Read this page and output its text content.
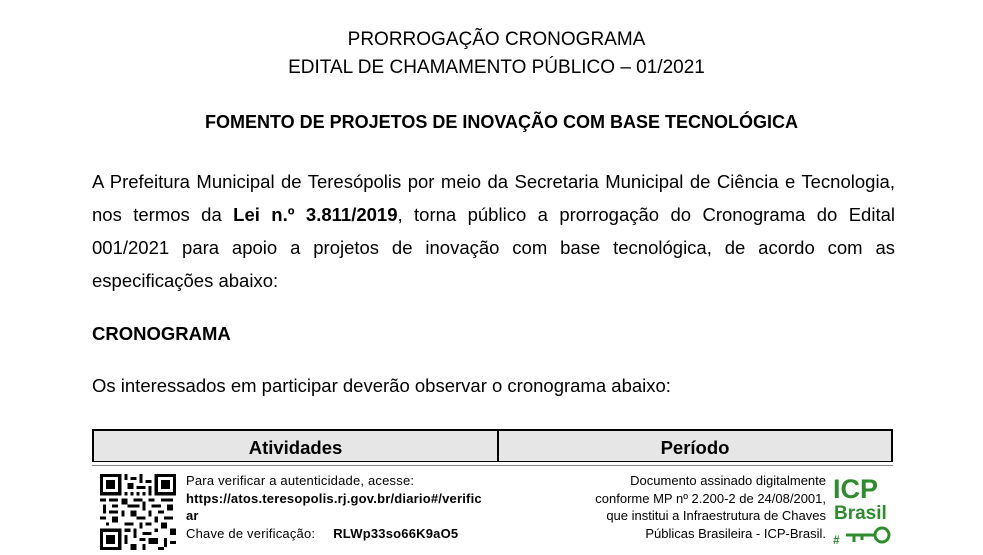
PRORROGAÇÃO CRONOGRAMA
EDITAL DE CHAMAMENTO PÚBLICO – 01/2021
FOMENTO DE PROJETOS DE INOVAÇÃO COM BASE TECNOLÓGICA
A Prefeitura Municipal de Teresópolis por meio da Secretaria Municipal de Ciência e Tecnologia, nos termos da Lei n.º 3.811/2019, torna público a prorrogação do Cronograma do Edital 001/2021 para apoio a projetos de inovação com base tecnológica, de acordo com as especificações abaixo:
CRONOGRAMA
Os interessados em participar deverão observar o cronograma abaixo:
Atividades	Período
Para verificar a autenticidade, acesse:
https://atos.teresopolis.rj.gov.br/diario#/verific
ar
Chave de verificação: RLWp33so66K9aO5
Documento assinado digitalmente
conforme MP nº 2.200-2 de 24/08/2001,
que institui a Infraestrutura de Chaves
Públicas Brasileira - ICP-Brasil.
ICP
Brasil
#
